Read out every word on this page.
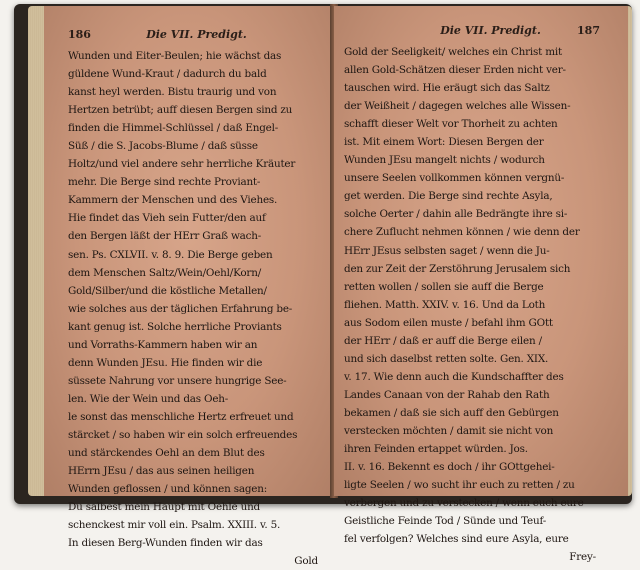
186	Die VII. Predigt.
Wunden und Eiter-Beulen; hie wächst das
güldene Wund-Kraut / dadurch du bald
kanst heyl werden. Bistu traurig und von
Hertzen betrübt; auff diesen Bergen sind zu
finden die Himmel-Schlüssel / daß Engel-
Süß / die S. Jacobs-Blume / daß süsse
Holtz/und viel andere sehr herrliche Kräuter
mehr. Die Berge sind rechte Proviant-
Kammern der Menschen und des Viehes.
Hie findet das Vieh sein Futter/den auf
den Bergen läßt der HErr Graß wach-
sen. Ps. CXLVII. v. 8. 9. Die Berge geben
dem Menschen Saltz/Wein/Oehl/Korn/
Gold/Silber/und die köstliche Metallen/
wie solches aus der täglichen Erfahrung be-
kant genug ist. Solche herrliche Proviants
und Vorraths-Kammern haben wir an
denn Wunden JEsu. Hie finden wir die
süssete Nahrung vor unsere hungrige See-
len. Wie der Wein und das Oeh-
le sonst das menschliche Hertz erfreuet und
stärcket / so haben wir ein solch erfreuendes
und stärckendes Oehl an dem Blut des
HErrn JEsu / das aus seinen heiligen
Wunden geflossen / und können sagen:
Du salbest mein Haupt mit Oehle und
schenckest mir voll ein. Psalm. XXIII. v. 5.
In diesen Berg-Wunden finden wir das
Gold
Die VII. Predigt.	187
Gold der Seeligkeit/ welches ein Christ mit
allen Gold-Schätzen dieser Erden nicht ver-
tauschen wird. Hie eräugt sich das Saltz
der Weißheit / dagegen welches alle Wissen-
schafft dieser Welt vor Thorheit zu achten
ist. Mit einem Wort: Diesen Bergen der
Wunden JEsu mangelt nichts / wodurch
unsere Seelen vollkommen können vergnü-
get werden. Die Berge sind rechte Asyla,
solche Oerter / dahin alle Bedrängte ihre si-
chere Zuflucht nehmen können / wie denn der
HErr JEsus selbsten saget / wenn die Ju-
den zur Zeit der Zerstöhrung Jerusalem sich
retten wollen / sollen sie auff die Berge
fliehen. Matth. XXIV. v. 16. Und da Loth
aus Sodom eilen muste / befahl ihm GOtt
der HErr / daß er auff die Berge eilen /
und sich daselbst retten solte. Gen. XIX.
v. 17. Wie denn auch die Kundschaffter des
Landes Canaan von der Rahab den Rath
bekamen / daß sie sich auff den Gebürgen
verstecken möchten / damit sie nicht von
ihren Feinden ertappet würden. Jos.
II. v. 16. Bekennt es doch / ihr GOttgehei-
ligte Seelen / wo sucht ihr euch zu retten / zu
verbergen und zu verstecken / wenn euch eure
Geistliche Feinde Tod / Sünde und Teuf-
fel verfolgen? Welches sind eure Asyla, eure
Frey-
